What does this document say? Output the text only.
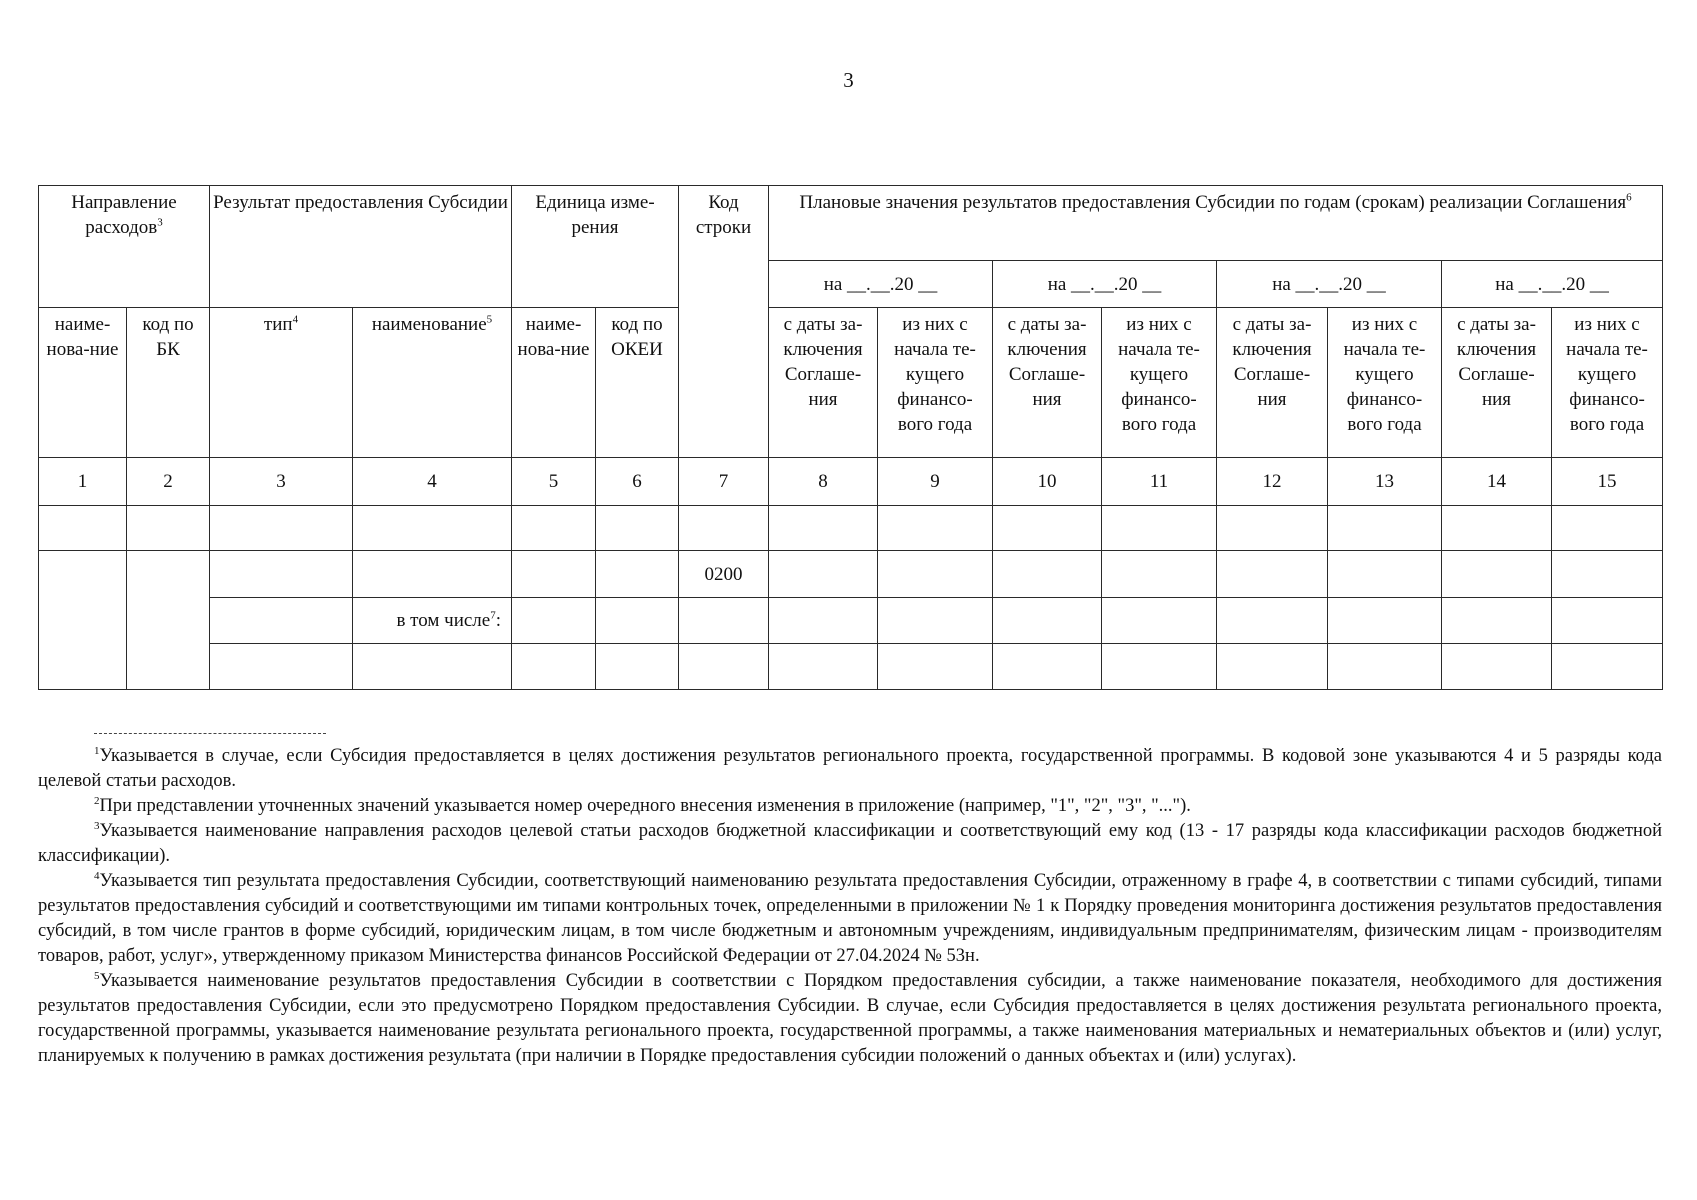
3
Направление расходов$^3$		Результат предоставления Субсидии		Единица изме-рения		Код строки	Плановые значения результатов предоставления Субсидии по годам (срокам) реализации Соглашения$^6$
							на __.__.20 __		на __.__.20 __		на __.__.20 __		на __.__.20 __	
наиме-нова-ние	код по БК	тип$^4$	наименование$^5$	наиме-нова-ние	код по ОКЕИ		с даты за-ключения Соглаше-ния	из них с начала те-кущего финансо-вого года	с даты за-ключения Соглаше-ния	из них с начала те-кущего финансо-вого года	с даты за-ключения Соглаше-ния	из них с начала те-кущего финансо-вого года	с даты за-ключения Соглаше-ния	из них с начала те-кущего финансо-вого года
1	2	3	4	5	6	7	8	9	10	11	12	13	14	15

						0200								
			в том числе$^7$:											

$^1$Указывается в случае, если Субсидия предоставляется в целях достижения результатов регионального проекта, государственной программы. В кодовой зоне указываются 4 и 5 разряды кода целевой статьи расходов.

$^2$При представлении уточненных значений указывается номер очередного внесения изменения в приложение (например, "1", "2", "3", "...").

$^3$Указывается наименование направления расходов целевой статьи расходов бюджетной классификации и соответствующий ему код (13 - 17 разряды кода классификации расходов бюджетной классификации).

$^4$Указывается тип результата предоставления Субсидии, соответствующий наименованию результата предоставления Субсидии, отраженному в графе 4, в соответствии с типами субсидий, типами результатов предоставления субсидий и соответствующими им типами контрольных точек, определенными в приложении № 1 к Порядку проведения мониторинга достижения результатов предоставления субсидий, в том числе грантов в форме субсидий, юридическим лицам, в том числе бюджетным и автономным учреждениям, индивидуальным предпринимателям, физическим лицам - производителям товаров, работ, услуг», утвержденному приказом Министерства финансов Российской Федерации от 27.04.2024 № 53н.

$^5$Указывается наименование результатов предоставления Субсидии в соответствии с Порядком предоставления субсидии, а также наименование показателя, необходимого для достижения результатов предоставления Субсидии, если это предусмотрено Порядком предоставления Субсидии. В случае, если Субсидия предоставляется в целях достижения результата регионального проекта, государственной программы, указывается наименование результата регионального проекта, государственной программы, а также наименования материальных и нематериальных объектов и (или) услуг, планируемых к получению в рамках достижения результата (при наличии в Порядке предоставления субсидии положений о данных объектах и (или) услугах).
